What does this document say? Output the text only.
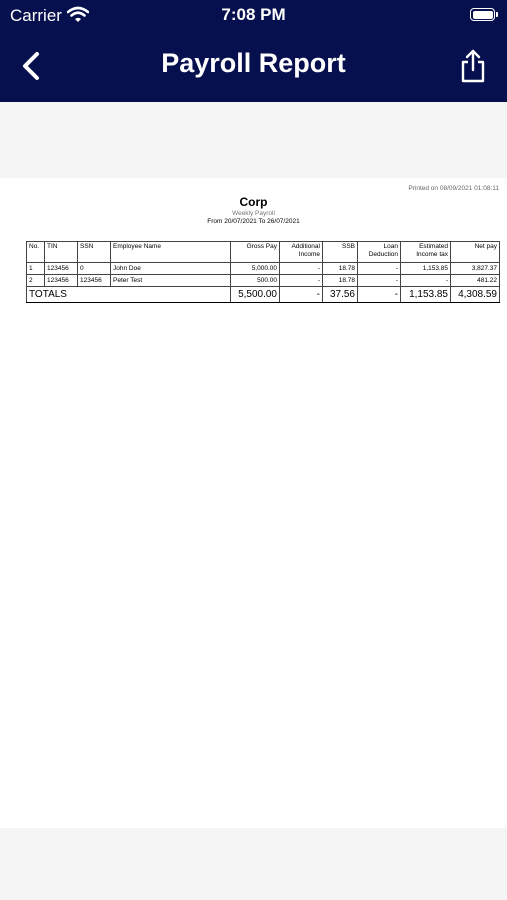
Carrier	7:08 PM
Payroll Report
Printed on 08/09/2021 01:08:11
Corp
Weekly Payroll
From 20/07/2021 To 26/07/2021
No.	TIN	SSN	Employee Name	Gross Pay	Additional Income	SSB	Loan Deduction	Estimated Income tax	Net pay
1	123456	0	John Doe	5,000.00	-	18.78	-	1,153.85	3,827.37
2	123456	123456	Peter Test	500.00	-	18.78	-	-	481.22
TOTALS				5,500.00	-	37.56	-	1,153.85	4,308.59
